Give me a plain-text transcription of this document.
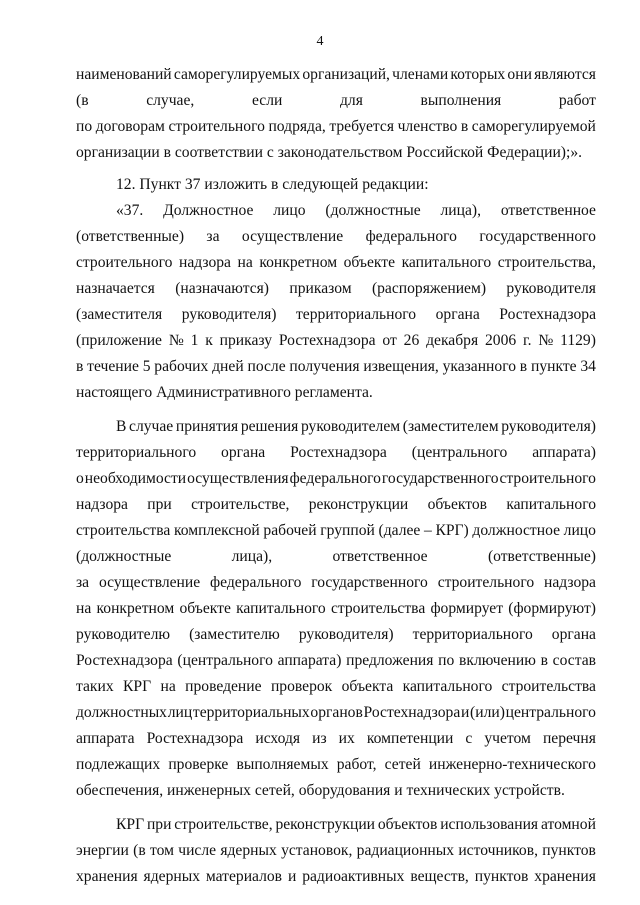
4
наименований саморегулируемых организаций, членами которых они являются
(в	случае,	если	для	выполнения	работ
по договорам строительного подряда, требуется членство в саморегулируемой
организации в соответствии с законодательством Российской Федерации);».
12. Пункт 37 изложить в следующей редакции:
«37. Должностное лицо (должностные лица), ответственное
(ответственные) за осуществление федерального государственного
строительного надзора на конкретном объекте капитального строительства,
назначается (назначаются) приказом (распоряжением) руководителя
(заместителя руководителя) территориального органа Ростехнадзора
(приложение № 1 к приказу Ростехнадзора от 26 декабря 2006 г. № 1129)
в течение 5 рабочих дней после получения извещения, указанного в пункте 34
настоящего Административного регламента.
В случае принятия решения руководителем (заместителем руководителя)
территориального органа Ростехнадзора (центрального аппарата)
о необходимости осуществления федерального государственного строительного
надзора при строительстве, реконструкции объектов капитального
строительства комплексной рабочей группой (далее – КРГ) должностное лицо
(должностные	лица),	ответственное	(ответственные)
за осуществление федерального государственного строительного надзора
на конкретном объекте капитального строительства формирует (формируют)
руководителю (заместителю руководителя) территориального органа
Ростехнадзора (центрального аппарата) предложения по включению в состав
таких КРГ на проведение проверок объекта капитального строительства
должностных лиц территориальных органов Ростехнадзора и (или) центрального
аппарата Ростехнадзора исходя из их компетенции с учетом перечня
подлежащих проверке выполняемых работ, сетей инженерно-технического
обеспечения, инженерных сетей, оборудования и технических устройств.
КРГ при строительстве, реконструкции объектов использования атомной
энергии (в том числе ядерных установок, радиационных источников, пунктов
хранения ядерных материалов и радиоактивных веществ, пунктов хранения
